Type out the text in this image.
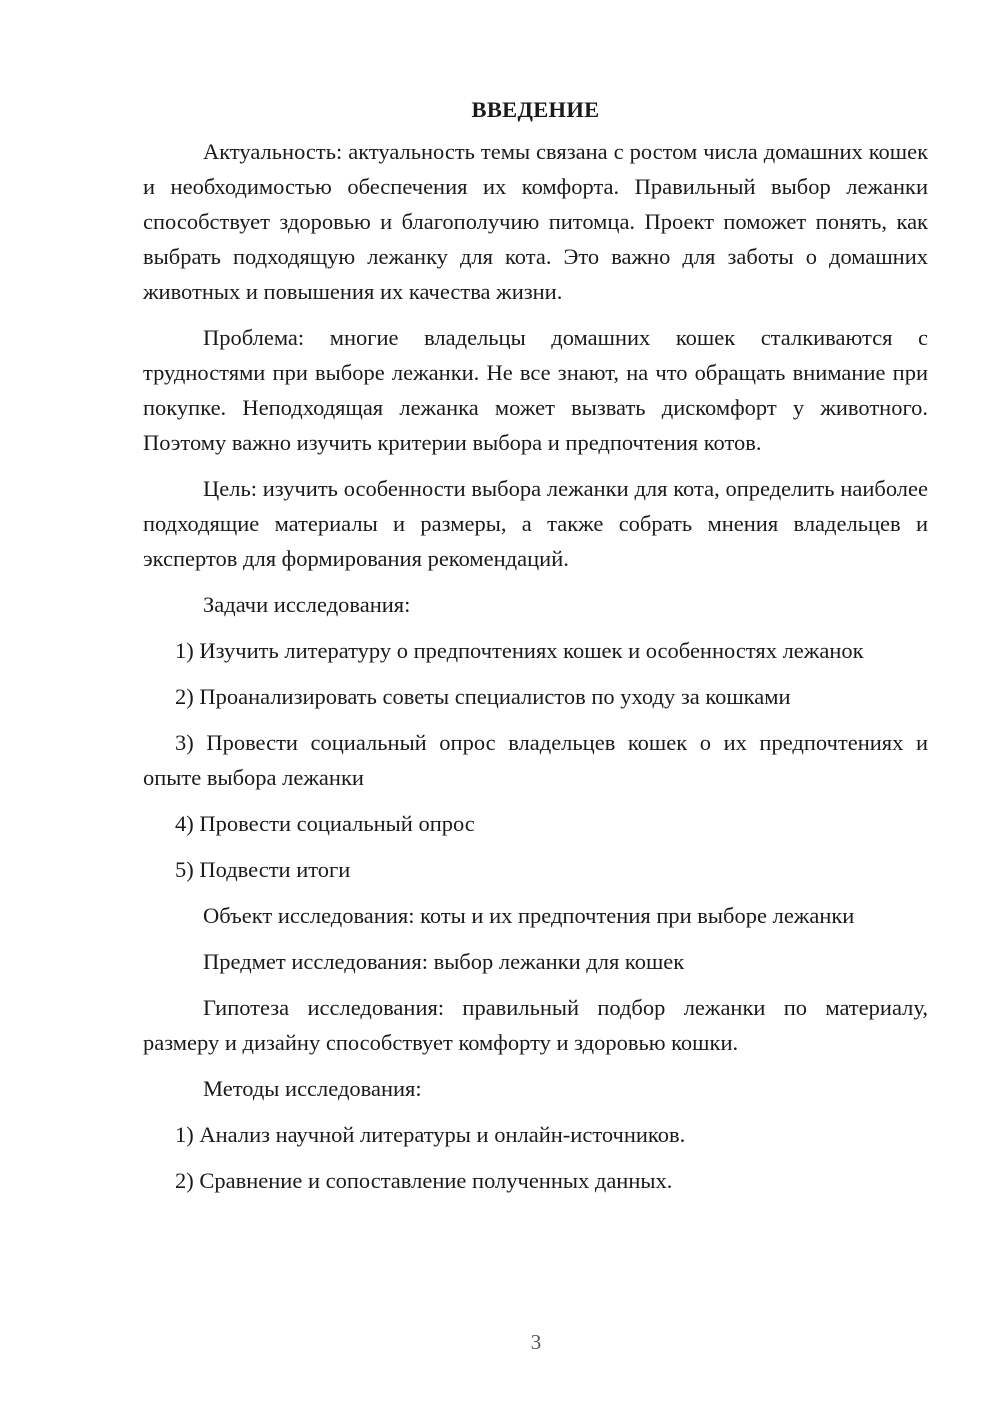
ВВЕДЕНИЕ

Актуальность: актуальность темы связана с ростом числа домашних кошек и необходимостью обеспечения их комфорта. Правильный выбор лежанки способствует здоровью и благополучию питомца. Проект поможет понять, как выбрать подходящую лежанку для кота. Это важно для заботы о домашних животных и повышения их качества жизни.

Проблема: многие владельцы домашних кошек сталкиваются с трудностями при выборе лежанки. Не все знают, на что обращать внимание при покупке. Неподходящая лежанка может вызвать дискомфорт у животного. Поэтому важно изучить критерии выбора и предпочтения котов.

Цель: изучить особенности выбора лежанки для кота, определить наиболее подходящие материалы и размеры, а также собрать мнения владельцев и экспертов для формирования рекомендаций.

Задачи исследования:

1) Изучить литературу о предпочтениях кошек и особенностях лежанок

2) Проанализировать советы специалистов по уходу за кошками

3) Провести социальный опрос владельцев кошек о их предпочтениях и опыте выбора лежанки

4) Провести социальный опрос

5) Подвести итоги

Объект исследования: коты и их предпочтения при выборе лежанки

Предмет исследования: выбор лежанки для кошек

Гипотеза исследования: правильный подбор лежанки по материалу, размеру и дизайну способствует комфорту и здоровью кошки.

Методы исследования:

1) Анализ научной литературы и онлайн-источников.

2) Сравнение и сопоставление полученных данных.

3
